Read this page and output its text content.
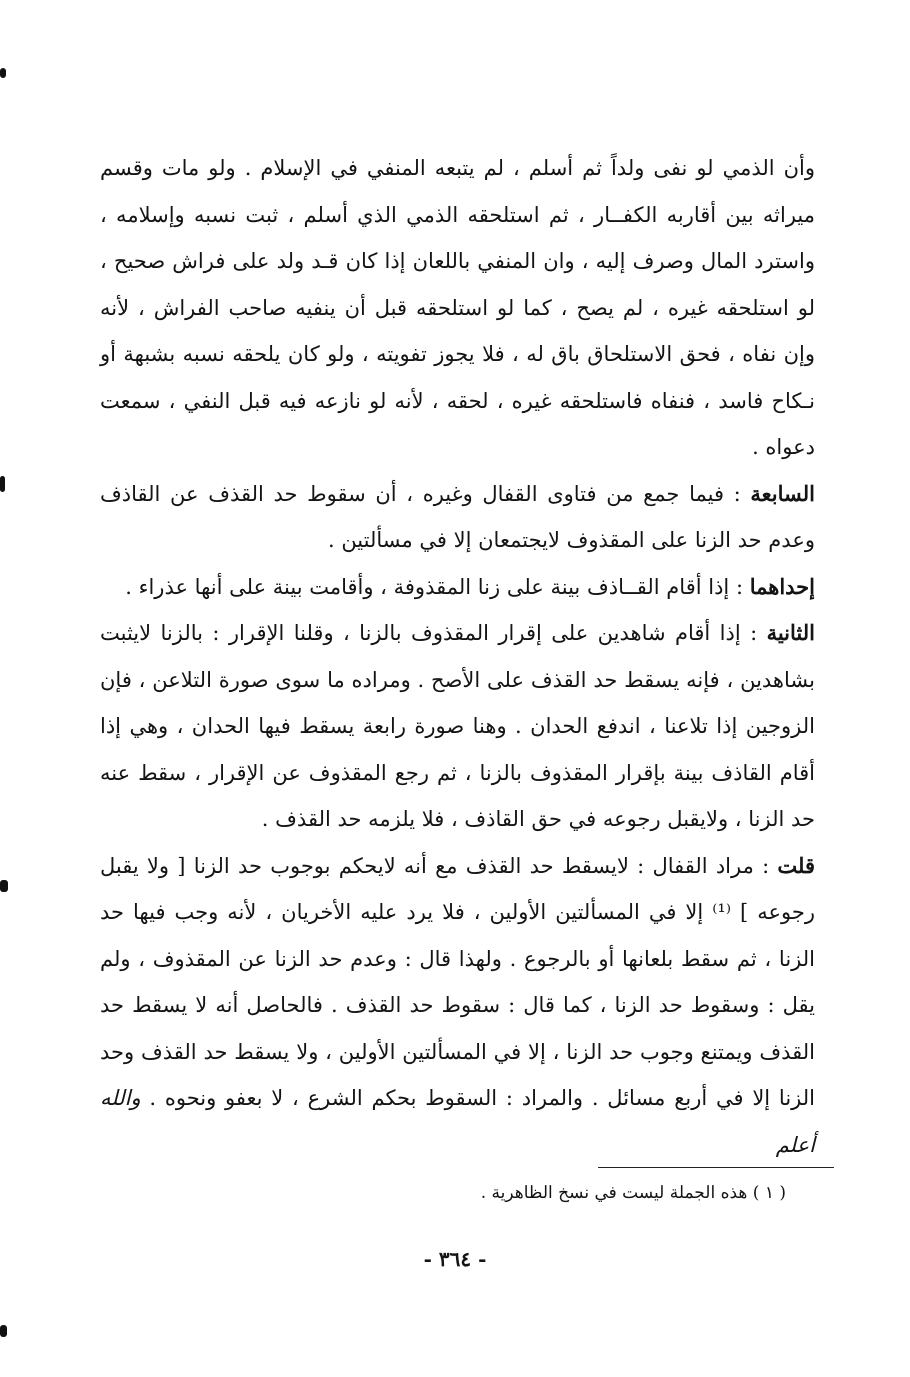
وأن الذمي لو نفى ولداً ثم أسلم ، لم يتبعه المنفي في الإسلام . ولو مات وقسم ميراثه بين أقاربه الكفــار ، ثم استلحقه الذمي الذي أسلم ، ثبت نسبه وإسلامه ، واسترد المال وصرف إليه ، وان المنفي باللعان إذا كان قـد ولد على فراش صحيح ، لو استلحقه غيره ، لم يصح ، كما لو استلحقه قبل أن ينفيه صاحب الفراش ، لأنه وإن نفاه ، فحق الاستلحاق باق له ، فلا يجوز تفويته ، ولو كان يلحقه نسبه بشبهة أو نـكاح فاسد ، فنفاه فاستلحقه غيره ، لحقه ، لأنه لو نازعه فيه قبل النفي ، سمعت دعواه .

السابعة : فيما جمع من فتاوى القفال وغيره ، أن سقوط حد القذف عن القاذف وعدم حد الزنا على المقذوف لايجتمعان إلا في مسألتين .

إحداهما : إذا أقام القــاذف بينة على زنا المقذوفة ، وأقامت بينة على أنها عذراء .

الثانية : إذا أقام شاهدين على إقرار المقذوف بالزنا ، وقلنا الإقرار : بالزنا لايثبت بشاهدين ، فإنه يسقط حد القذف على الأصح . ومراده ما سوى صورة التلاعن ، فإن الزوجين إذا تلاعنا ، اندفع الحدان . وهنا صورة رابعة يسقط فيها الحدان ، وهي إذا أقام القاذف بينة بإقرار المقذوف بالزنا ، ثم رجع المقذوف عن الإقرار ، سقط عنه حد الزنا ، ولايقبل رجوعه في حق القاذف ، فلا يلزمه حد القذف .

قلت : مراد القفال : لايسقط حد القذف مع أنه لايحكم بوجوب حد الزنا [ ولا يقبل رجوعه ] ⁽¹⁾ إلا في المسألتين الأولين ، فلا يرد عليه الأخريان ، لأنه وجب فيها حد الزنا ، ثم سقط بلعانها أو بالرجوع . ولهذا قال : وعدم حد الزنا عن المقذوف ، ولم يقل : وسقوط حد الزنا ، كما قال : سقوط حد القذف . فالحاصل أنه لا يسقط حد القذف ويمتنع وجوب حد الزنا ، إلا في المسألتين الأولين ، ولا يسقط حد القذف وحد الزنا إلا في أربع مسائل . والمراد : السقوط بحكم الشرع ، لا بعفو ونحوه . والله أعلم

( ١ ) هذه الجملة ليست في نسخ الظاهرية .

- ٣٦٤ -
